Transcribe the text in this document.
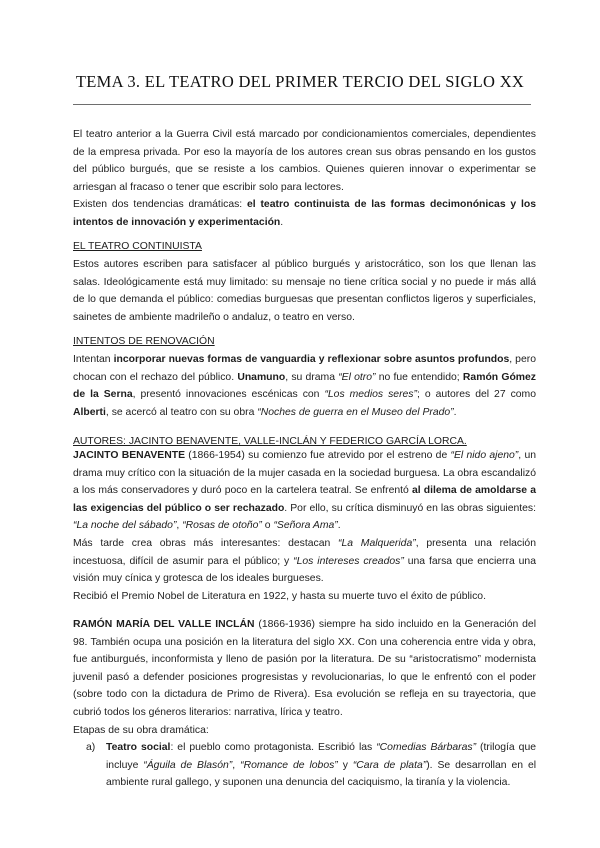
TEMA 3. EL TEATRO DEL PRIMER TERCIO DEL SIGLO XX

El teatro anterior a la Guerra Civil está marcado por condicionamientos comerciales, dependientes de la empresa privada. Por eso la mayoría de los autores crean sus obras pensando en los gustos del público burgués, que se resiste a los cambios. Quienes quieren innovar o experimentar se arriesgan al fracaso o tener que escribir solo para lectores.

Existen dos tendencias dramáticas: el teatro continuista de las formas decimonónicas y los intentos de innovación y experimentación.

EL TEATRO CONTINUISTA

Estos autores escriben para satisfacer al público burgués y aristocrático, son los que llenan las salas. Ideológicamente está muy limitado: su mensaje no tiene crítica social y no puede ir más allá de lo que demanda el público: comedias burguesas que presentan conflictos ligeros y superficiales, sainetes de ambiente madrileño o andaluz, o teatro en verso.

INTENTOS DE RENOVACIÓN

Intentan incorporar nuevas formas de vanguardia y reflexionar sobre asuntos profundos, pero chocan con el rechazo del público. Unamuno, su drama “El otro” no fue entendido; Ramón Gómez de la Serna, presentó innovaciones escénicas con “Los medios seres”; o autores del 27 como Alberti, se acercó al teatro con su obra “Noches de guerra en el Museo del Prado”.

AUTORES: JACINTO BENAVENTE, VALLE-INCLÁN Y FEDERICO GARCÍA LORCA.

JACINTO BENAVENTE (1866-1954) su comienzo fue atrevido por el estreno de “El nido ajeno”, un drama muy crítico con la situación de la mujer casada en la sociedad burguesa. La obra escandalizó a los más conservadores y duró poco en la cartelera teatral. Se enfrentó al dilema de amoldarse a las exigencias del público o ser rechazado. Por ello, su crítica disminuyó en las obras siguientes: “La noche del sábado”, “Rosas de otoño” o “Señora Ama”.

Más tarde crea obras más interesantes: destacan “La Malquerida”, presenta una relación incestuosa, difícil de asumir para el público; y “Los intereses creados” una farsa que encierra una visión muy cínica y grotesca de los ideales burgueses.

Recibió el Premio Nobel de Literatura en 1922, y hasta su muerte tuvo el éxito de público.

RAMÓN MARÍA DEL VALLE INCLÁN (1866-1936) siempre ha sido incluido en la Generación del 98. También ocupa una posición en la literatura del siglo XX. Con una coherencia entre vida y obra, fue antiburgués, inconformista y lleno de pasión por la literatura. De su “aristocratismo” modernista juvenil pasó a defender posiciones progresistas y revolucionarias, lo que le enfrentó con el poder (sobre todo con la dictadura de Primo de Rivera). Esa evolución se refleja en su trayectoria, que cubrió todos los géneros literarios: narrativa, lírica y teatro.

Etapas de su obra dramática:

a) Teatro social: el pueblo como protagonista. Escribió las “Comedias Bárbaras” (trilogía que incluye “Águila de Blasón”, “Romance de lobos” y “Cara de plata”). Se desarrollan en el ambiente rural gallego, y suponen una denuncia del caciquismo, la tiranía y la violencia.
